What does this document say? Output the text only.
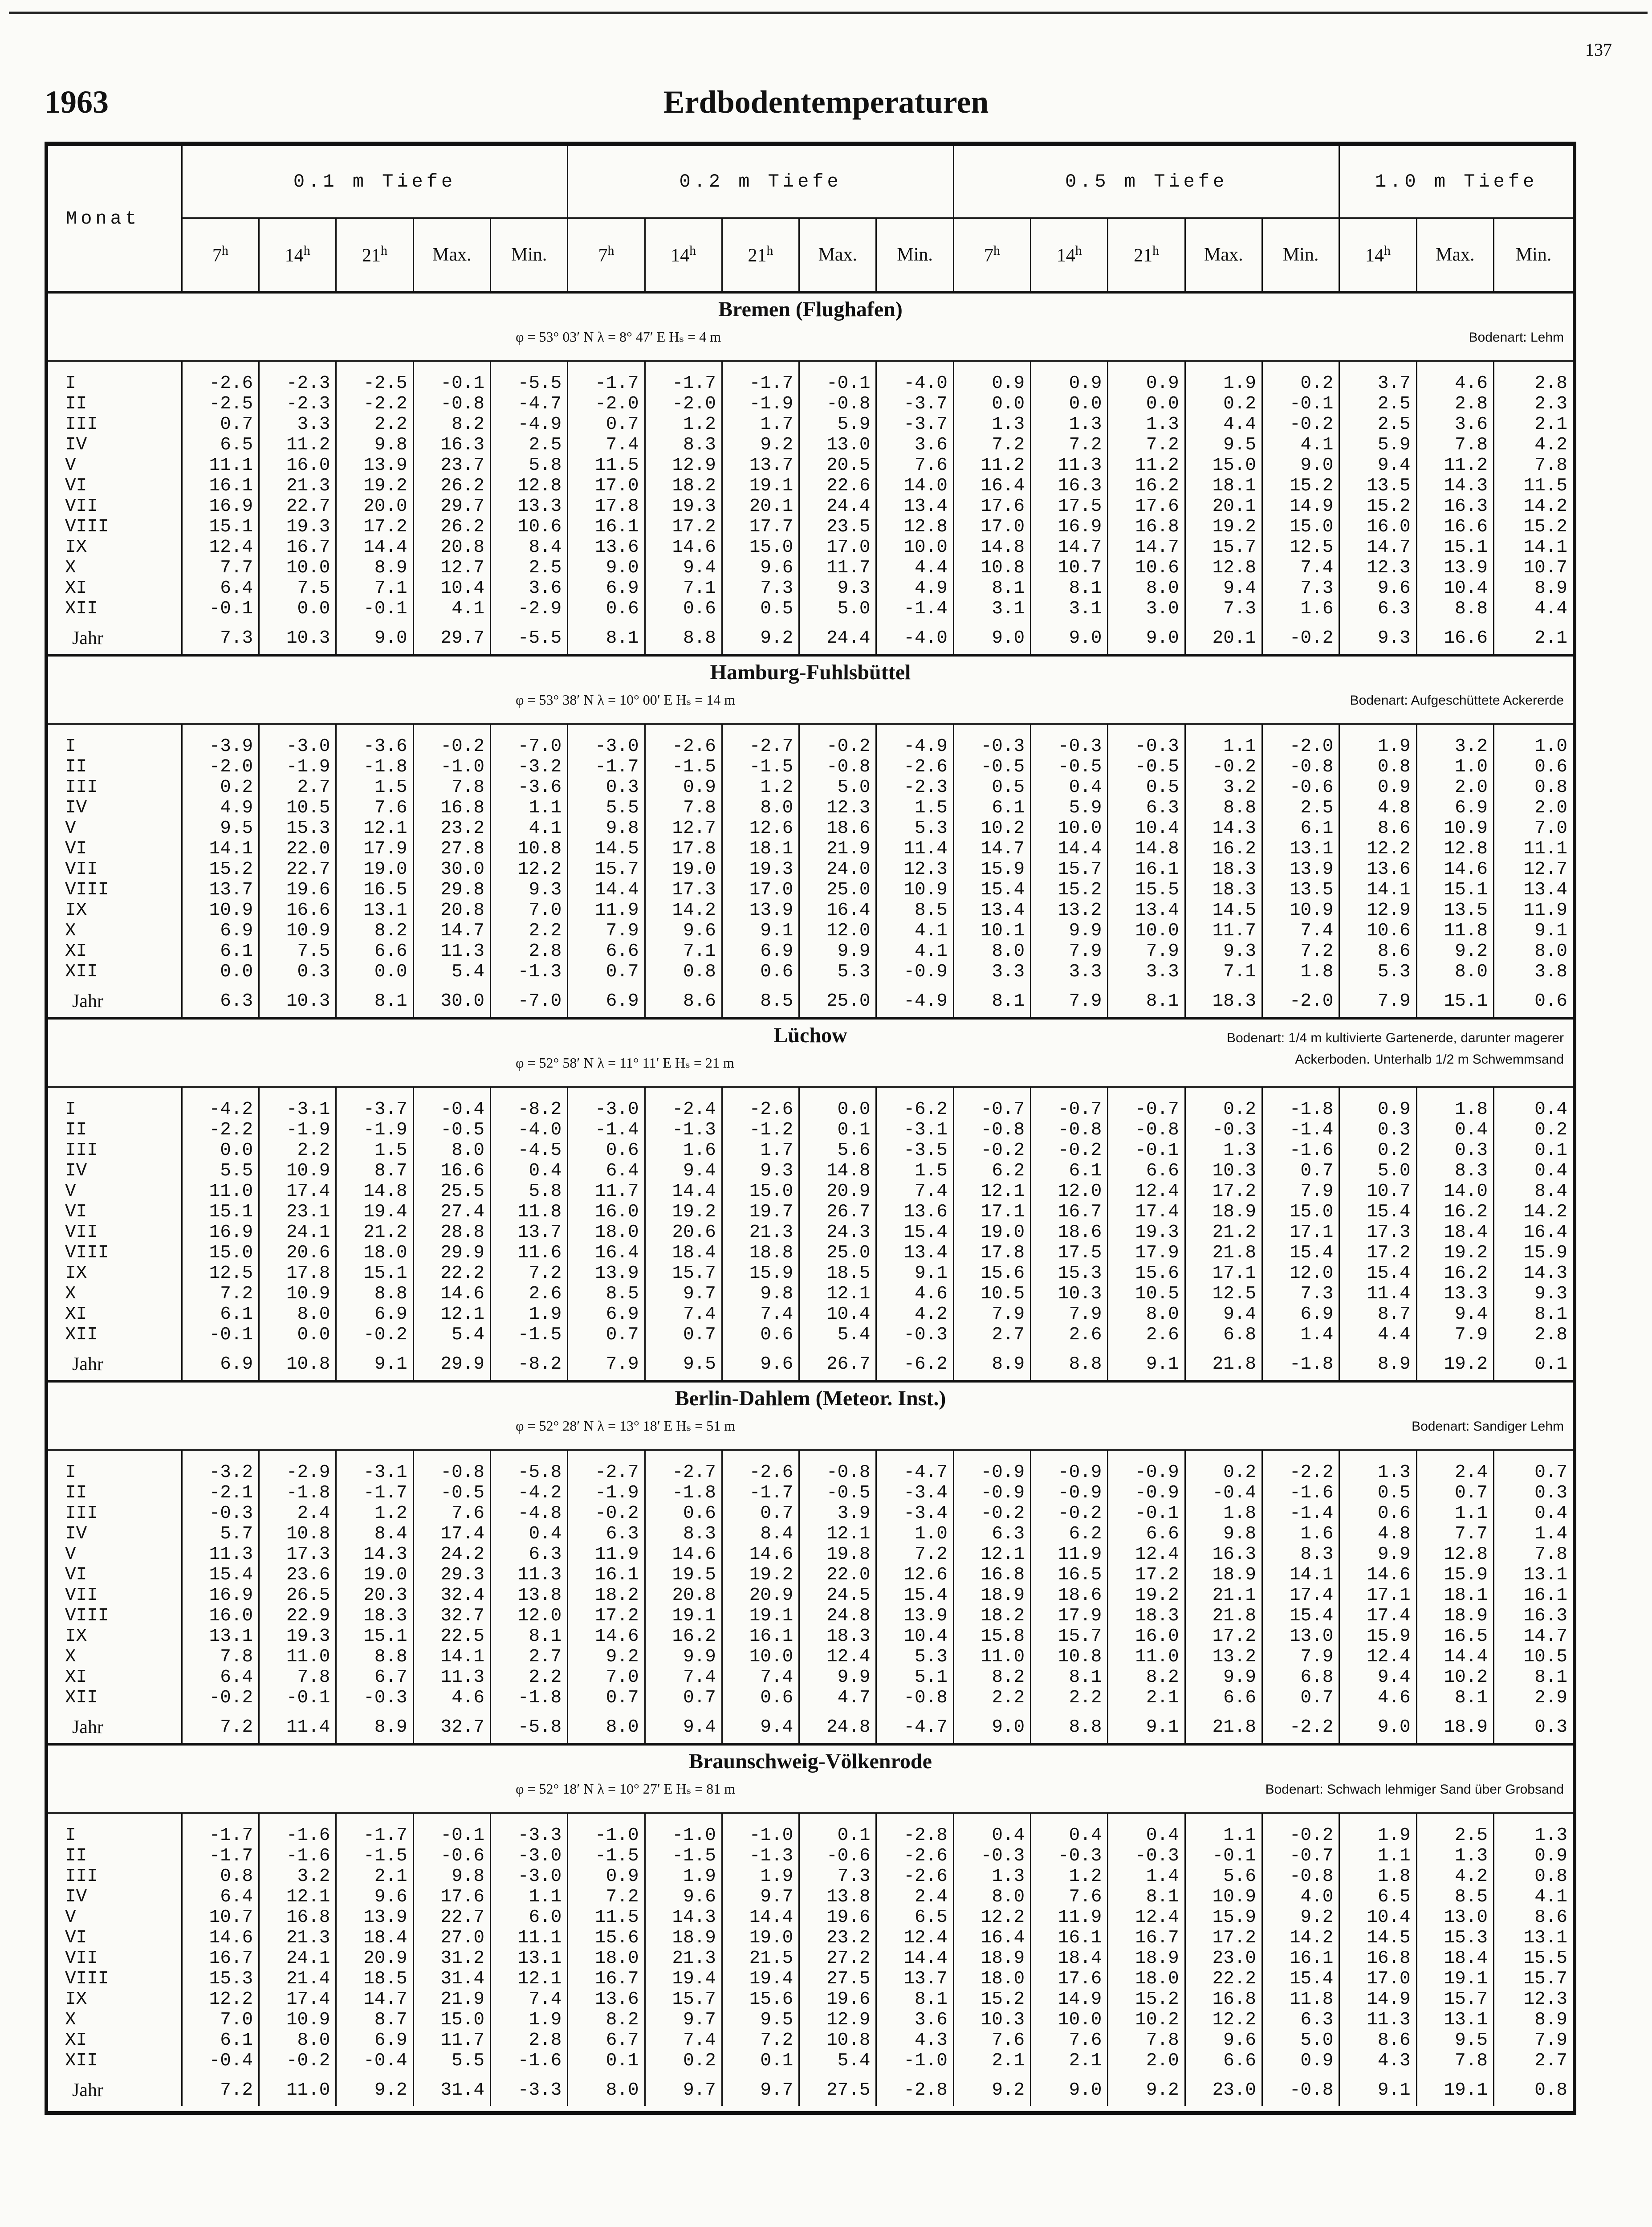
137
1963	Erdbodentemperaturen
Monat	0.1 m Tiefe					0.2 m Tiefe					0.5 m Tiefe					1.0 m Tiefe		
	7$^h$	14$^h$	21$^h$	Max.	Min.	7$^h$	14$^h$	21$^h$	Max.	Min.	7$^h$	14$^h$	21$^h$	Max.	Min.	14$^h$	Max.	Min.

Bremen (Flughafen)
φ = 53° 03′ N λ = 8° 47′ E Hₛ = 4 m Bodenart: Lehm																		

I	-2.6	-2.3	-2.5	-0.1	-5.5	-1.7	-1.7	-1.7	-0.1	-4.0	0.9	0.9	0.9	1.9	0.2	3.7	4.6	2.8
II	-2.5	-2.3	-2.2	-0.8	-4.7	-2.0	-2.0	-1.9	-0.8	-3.7	0.0	0.0	0.0	0.2	-0.1	2.5	2.8	2.3
III	0.7	3.3	2.2	8.2	-4.9	0.7	1.2	1.7	5.9	-3.7	1.3	1.3	1.3	4.4	-0.2	2.5	3.6	2.1
IV	6.5	11.2	9.8	16.3	2.5	7.4	8.3	9.2	13.0	3.6	7.2	7.2	7.2	9.5	4.1	5.9	7.8	4.2
V	11.1	16.0	13.9	23.7	5.8	11.5	12.9	13.7	20.5	7.6	11.2	11.3	11.2	15.0	9.0	9.4	11.2	7.8
VI	16.1	21.3	19.2	26.2	12.8	17.0	18.2	19.1	22.6	14.0	16.4	16.3	16.2	18.1	15.2	13.5	14.3	11.5
VII	16.9	22.7	20.0	29.7	13.3	17.8	19.3	20.1	24.4	13.4	17.6	17.5	17.6	20.1	14.9	15.2	16.3	14.2
VIII	15.1	19.3	17.2	26.2	10.6	16.1	17.2	17.7	23.5	12.8	17.0	16.9	16.8	19.2	15.0	16.0	16.6	15.2
IX	12.4	16.7	14.4	20.8	8.4	13.6	14.6	15.0	17.0	10.0	14.8	14.7	14.7	15.7	12.5	14.7	15.1	14.1
X	7.7	10.0	8.9	12.7	2.5	9.0	9.4	9.6	11.7	4.4	10.8	10.7	10.6	12.8	7.4	12.3	13.9	10.7
XI	6.4	7.5	7.1	10.4	3.6	6.9	7.1	7.3	9.3	4.9	8.1	8.1	8.0	9.4	7.3	9.6	10.4	8.9
XII	-0.1	0.0	-0.1	4.1	-2.9	0.6	0.6	0.5	5.0	-1.4	3.1	3.1	3.0	7.3	1.6	6.3	8.8	4.4
Jahr	7.3	10.3	9.0	29.7	-5.5	8.1	8.8	9.2	24.4	-4.0	9.0	9.0	9.0	20.1	-0.2	9.3	16.6	2.1

Hamburg-Fuhlsbüttel
φ = 53° 38′ N λ = 10° 00′ E Hₛ = 14 m Bodenart: Aufgeschüttete Ackererde																		

I	-3.9	-3.0	-3.6	-0.2	-7.0	-3.0	-2.6	-2.7	-0.2	-4.9	-0.3	-0.3	-0.3	1.1	-2.0	1.9	3.2	1.0
II	-2.0	-1.9	-1.8	-1.0	-3.2	-1.7	-1.5	-1.5	-0.8	-2.6	-0.5	-0.5	-0.5	-0.2	-0.8	0.8	1.0	0.6
III	0.2	2.7	1.5	7.8	-3.6	0.3	0.9	1.2	5.0	-2.3	0.5	0.4	0.5	3.2	-0.6	0.9	2.0	0.8
IV	4.9	10.5	7.6	16.8	1.1	5.5	7.8	8.0	12.3	1.5	6.1	5.9	6.3	8.8	2.5	4.8	6.9	2.0
V	9.5	15.3	12.1	23.2	4.1	9.8	12.7	12.6	18.6	5.3	10.2	10.0	10.4	14.3	6.1	8.6	10.9	7.0
VI	14.1	22.0	17.9	27.8	10.8	14.5	17.8	18.1	21.9	11.4	14.7	14.4	14.8	16.2	13.1	12.2	12.8	11.1
VII	15.2	22.7	19.0	30.0	12.2	15.7	19.0	19.3	24.0	12.3	15.9	15.7	16.1	18.3	13.9	13.6	14.6	12.7
VIII	13.7	19.6	16.5	29.8	9.3	14.4	17.3	17.0	25.0	10.9	15.4	15.2	15.5	18.3	13.5	14.1	15.1	13.4
IX	10.9	16.6	13.1	20.8	7.0	11.9	14.2	13.9	16.4	8.5	13.4	13.2	13.4	14.5	10.9	12.9	13.5	11.9
X	6.9	10.9	8.2	14.7	2.2	7.9	9.6	9.1	12.0	4.1	10.1	9.9	10.0	11.7	7.4	10.6	11.8	9.1
XI	6.1	7.5	6.6	11.3	2.8	6.6	7.1	6.9	9.9	4.1	8.0	7.9	7.9	9.3	7.2	8.6	9.2	8.0
XII	0.0	0.3	0.0	5.4	-1.3	0.7	0.8	0.6	5.3	-0.9	3.3	3.3	3.3	7.1	1.8	5.3	8.0	3.8
Jahr	6.3	10.3	8.1	30.0	-7.0	6.9	8.6	8.5	25.0	-4.9	8.1	7.9	8.1	18.3	-2.0	7.9	15.1	0.6

Lüchow
φ = 52° 58′ N λ = 11° 11′ E Hₛ = 21 m
Bodenart: 1/4 m kultivierte Gartenerde, darunter magerer
Ackerboden. Unterhalb 1/2 m Schwemmsand																		

I	-4.2	-3.1	-3.7	-0.4	-8.2	-3.0	-2.4	-2.6	0.0	-6.2	-0.7	-0.7	-0.7	0.2	-1.8	0.9	1.8	0.4
II	-2.2	-1.9	-1.9	-0.5	-4.0	-1.4	-1.3	-1.2	0.1	-3.1	-0.8	-0.8	-0.8	-0.3	-1.4	0.3	0.4	0.2
III	0.0	2.2	1.5	8.0	-4.5	0.6	1.6	1.7	5.6	-3.5	-0.2	-0.2	-0.1	1.3	-1.6	0.2	0.3	0.1
IV	5.5	10.9	8.7	16.6	0.4	6.4	9.4	9.3	14.8	1.5	6.2	6.1	6.6	10.3	0.7	5.0	8.3	0.4
V	11.0	17.4	14.8	25.5	5.8	11.7	14.4	15.0	20.9	7.4	12.1	12.0	12.4	17.2	7.9	10.7	14.0	8.4
VI	15.1	23.1	19.4	27.4	11.8	16.0	19.2	19.7	26.7	13.6	17.1	16.7	17.4	18.9	15.0	15.4	16.2	14.2
VII	16.9	24.1	21.2	28.8	13.7	18.0	20.6	21.3	24.3	15.4	19.0	18.6	19.3	21.2	17.1	17.3	18.4	16.4
VIII	15.0	20.6	18.0	29.9	11.6	16.4	18.4	18.8	25.0	13.4	17.8	17.5	17.9	21.8	15.4	17.2	19.2	15.9
IX	12.5	17.8	15.1	22.2	7.2	13.9	15.7	15.9	18.5	9.1	15.6	15.3	15.6	17.1	12.0	15.4	16.2	14.3
X	7.2	10.9	8.8	14.6	2.6	8.5	9.7	9.8	12.1	4.6	10.5	10.3	10.5	12.5	7.3	11.4	13.3	9.3
XI	6.1	8.0	6.9	12.1	1.9	6.9	7.4	7.4	10.4	4.2	7.9	7.9	8.0	9.4	6.9	8.7	9.4	8.1
XII	-0.1	0.0	-0.2	5.4	-1.5	0.7	0.7	0.6	5.4	-0.3	2.7	2.6	2.6	6.8	1.4	4.4	7.9	2.8
Jahr	6.9	10.8	9.1	29.9	-8.2	7.9	9.5	9.6	26.7	-6.2	8.9	8.8	9.1	21.8	-1.8	8.9	19.2	0.1

Berlin-Dahlem (Meteor. Inst.)
φ = 52° 28′ N λ = 13° 18′ E Hₛ = 51 m Bodenart: Sandiger Lehm																		

I	-3.2	-2.9	-3.1	-0.8	-5.8	-2.7	-2.7	-2.6	-0.8	-4.7	-0.9	-0.9	-0.9	0.2	-2.2	1.3	2.4	0.7
II	-2.1	-1.8	-1.7	-0.5	-4.2	-1.9	-1.8	-1.7	-0.5	-3.4	-0.9	-0.9	-0.9	-0.4	-1.6	0.5	0.7	0.3
III	-0.3	2.4	1.2	7.6	-4.8	-0.2	0.6	0.7	3.9	-3.4	-0.2	-0.2	-0.1	1.8	-1.4	0.6	1.1	0.4
IV	5.7	10.8	8.4	17.4	0.4	6.3	8.3	8.4	12.1	1.0	6.3	6.2	6.6	9.8	1.6	4.8	7.7	1.4
V	11.3	17.3	14.3	24.2	6.3	11.9	14.6	14.6	19.8	7.2	12.1	11.9	12.4	16.3	8.3	9.9	12.8	7.8
VI	15.4	23.6	19.0	29.3	11.3	16.1	19.5	19.2	22.0	12.6	16.8	16.5	17.2	18.9	14.1	14.6	15.9	13.1
VII	16.9	26.5	20.3	32.4	13.8	18.2	20.8	20.9	24.5	15.4	18.9	18.6	19.2	21.1	17.4	17.1	18.1	16.1
VIII	16.0	22.9	18.3	32.7	12.0	17.2	19.1	19.1	24.8	13.9	18.2	17.9	18.3	21.8	15.4	17.4	18.9	16.3
IX	13.1	19.3	15.1	22.5	8.1	14.6	16.2	16.1	18.3	10.4	15.8	15.7	16.0	17.2	13.0	15.9	16.5	14.7
X	7.8	11.0	8.8	14.1	2.7	9.2	9.9	10.0	12.4	5.3	11.0	10.8	11.0	13.2	7.9	12.4	14.4	10.5
XI	6.4	7.8	6.7	11.3	2.2	7.0	7.4	7.4	9.9	5.1	8.2	8.1	8.2	9.9	6.8	9.4	10.2	8.1
XII	-0.2	-0.1	-0.3	4.6	-1.8	0.7	0.7	0.6	4.7	-0.8	2.2	2.2	2.1	6.6	0.7	4.6	8.1	2.9
Jahr	7.2	11.4	8.9	32.7	-5.8	8.0	9.4	9.4	24.8	-4.7	9.0	8.8	9.1	21.8	-2.2	9.0	18.9	0.3

Braunschweig-Völkenrode
φ = 52° 18′ N λ = 10° 27′ E Hₛ = 81 m Bodenart: Schwach lehmiger Sand über Grobsand																		

I	-1.7	-1.6	-1.7	-0.1	-3.3	-1.0	-1.0	-1.0	0.1	-2.8	0.4	0.4	0.4	1.1	-0.2	1.9	2.5	1.3
II	-1.7	-1.6	-1.5	-0.6	-3.0	-1.5	-1.5	-1.3	-0.6	-2.6	-0.3	-0.3	-0.3	-0.1	-0.7	1.1	1.3	0.9
III	0.8	3.2	2.1	9.8	-3.0	0.9	1.9	1.9	7.3	-2.6	1.3	1.2	1.4	5.6	-0.8	1.8	4.2	0.8
IV	6.4	12.1	9.6	17.6	1.1	7.2	9.6	9.7	13.8	2.4	8.0	7.6	8.1	10.9	4.0	6.5	8.5	4.1
V	10.7	16.8	13.9	22.7	6.0	11.5	14.3	14.4	19.6	6.5	12.2	11.9	12.4	15.9	9.2	10.4	13.0	8.6
VI	14.6	21.3	18.4	27.0	11.1	15.6	18.9	19.0	23.2	12.4	16.4	16.1	16.7	17.2	14.2	14.5	15.3	13.1
VII	16.7	24.1	20.9	31.2	13.1	18.0	21.3	21.5	27.2	14.4	18.9	18.4	18.9	23.0	16.1	16.8	18.4	15.5
VIII	15.3	21.4	18.5	31.4	12.1	16.7	19.4	19.4	27.5	13.7	18.0	17.6	18.0	22.2	15.4	17.0	19.1	15.7
IX	12.2	17.4	14.7	21.9	7.4	13.6	15.7	15.6	19.6	8.1	15.2	14.9	15.2	16.8	11.8	14.9	15.7	12.3
X	7.0	10.9	8.7	15.0	1.9	8.2	9.7	9.5	12.9	3.6	10.3	10.0	10.2	12.2	6.3	11.3	13.1	8.9
XI	6.1	8.0	6.9	11.7	2.8	6.7	7.4	7.2	10.8	4.3	7.6	7.6	7.8	9.6	5.0	8.6	9.5	7.9
XII	-0.4	-0.2	-0.4	5.5	-1.6	0.1	0.2	0.1	5.4	-1.0	2.1	2.1	2.0	6.6	0.9	4.3	7.8	2.7
Jahr	7.2	11.0	9.2	31.4	-3.3	8.0	9.7	9.7	27.5	-2.8	9.2	9.0	9.2	23.0	-0.8	9.1	19.1	0.8
